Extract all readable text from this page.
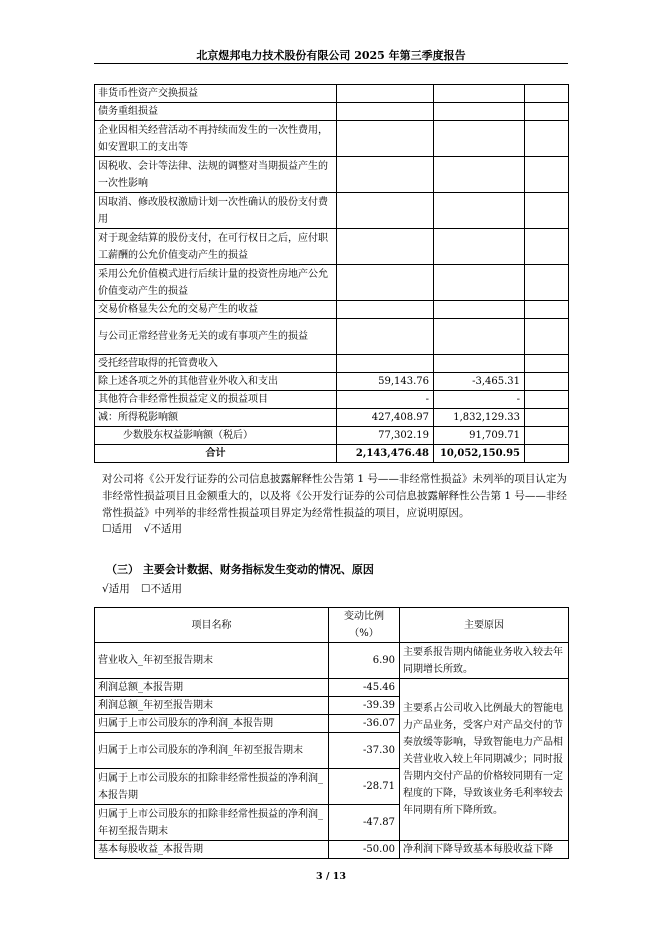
北京煜邦电力技术股份有限公司 2025 年第三季度报告
非货币性资产交换损益			
债务重组损益			
企业因相关经营活动不再持续而发生的一次性费用，如安置职工的支出等			
因税收、会计等法律、法规的调整对当期损益产生的一次性影响			
因取消、修改股权激励计划一次性确认的股份支付费用			
对于现金结算的股份支付，在可行权日之后，应付职工薪酬的公允价值变动产生的损益			
采用公允价值模式进行后续计量的投资性房地产公允价值变动产生的损益			
交易价格显失公允的交易产生的收益			
与公司正常经营业务无关的或有事项产生的损益			
受托经营取得的托管费收入			
除上述各项之外的其他营业外收入和支出	59,143.76	-3,465.31	
其他符合非经常性损益定义的损益项目	-	-	
减：所得税影响额	427,408.97	1,832,129.33	
少数股东权益影响额（税后）	77,302.19	91,709.71	
合计	2,143,476.48	10,052,150.95	
对公司将《公开发行证券的公司信息披露解释性公告第 1 号——非经常性损益》未列举的项目认定为非经常性损益项目且金额重大的，以及将《公开发行证券的公司信息披露解释性公告第 1 号——非经常性损益》中列举的非经常性损益项目界定为经常性损益的项目，应说明原因。
☐适用 √不适用
（三） 主要会计数据、财务指标发生变动的情况、原因
√适用 ☐不适用
项目名称	变动比例（%）	主要原因
营业收入_年初至报告期末	6.90	主要系报告期内储能业务收入较去年同期增长所致。
利润总额_本报告期	-45.46	主要系占公司收入比例最大的智能电力产品业务，受客户对产品交付的节奏放缓等影响，导致智能电力产品相关营业收入较上年同期减少；同时报告期内交付产品的价格较同期有一定程度的下降，导致该业务毛利率较去年同期有所下降所致。
利润总额_年初至报告期末	-39.39	
归属于上市公司股东的净利润_本报告期	-36.07	
归属于上市公司股东的净利润_年初至报告期末	-37.30	
归属于上市公司股东的扣除非经常性损益的净利润_本报告期	-28.71	
归属于上市公司股东的扣除非经常性损益的净利润_年初至报告期末	-47.87	
基本每股收益_本报告期	-50.00	净利润下降导致基本每股收益下降
3 / 13
